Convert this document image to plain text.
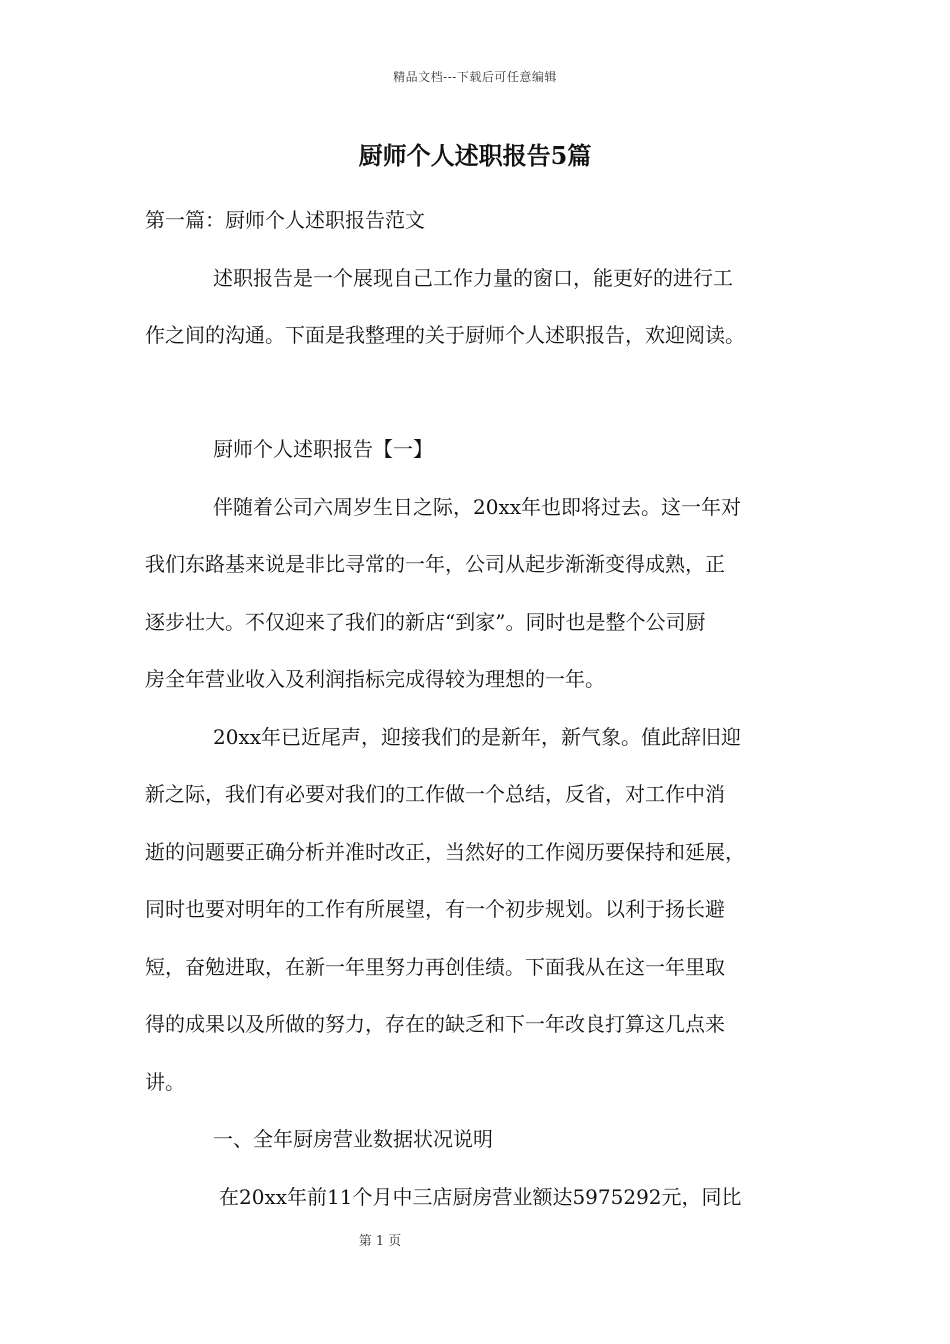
精品文档---下载后可任意编辑
厨师个人述职报告5篇
第一篇：厨师个人述职报告范文
述职报告是一个展现自己工作力量的窗口，能更好的进行工
作之间的沟通。下面是我整理的关于厨师个人述职报告，欢迎阅读。
厨师个人述职报告【一】
伴随着公司六周岁生日之际，20xx年也即将过去。这一年对
我们东路基来说是非比寻常的一年，公司从起步渐渐变得成熟，正
逐步壮大。不仅迎来了我们的新店“到家”。同时也是整个公司厨
房全年营业收入及利润指标完成得较为理想的一年。
20xx年已近尾声，迎接我们的是新年，新气象。值此辞旧迎
新之际，我们有必要对我们的工作做一个总结，反省，对工作中消
逝的问题要正确分析并准时改正，当然好的工作阅历要保持和延展，
同时也要对明年的工作有所展望，有一个初步规划。以利于扬长避
短，奋勉进取，在新一年里努力再创佳绩。下面我从在这一年里取
得的成果以及所做的努力，存在的缺乏和下一年改良打算这几点来
讲。
一、全年厨房营业数据状况说明
在20xx年前11个月中三店厨房营业额达5975292元，同比
第 1 页
